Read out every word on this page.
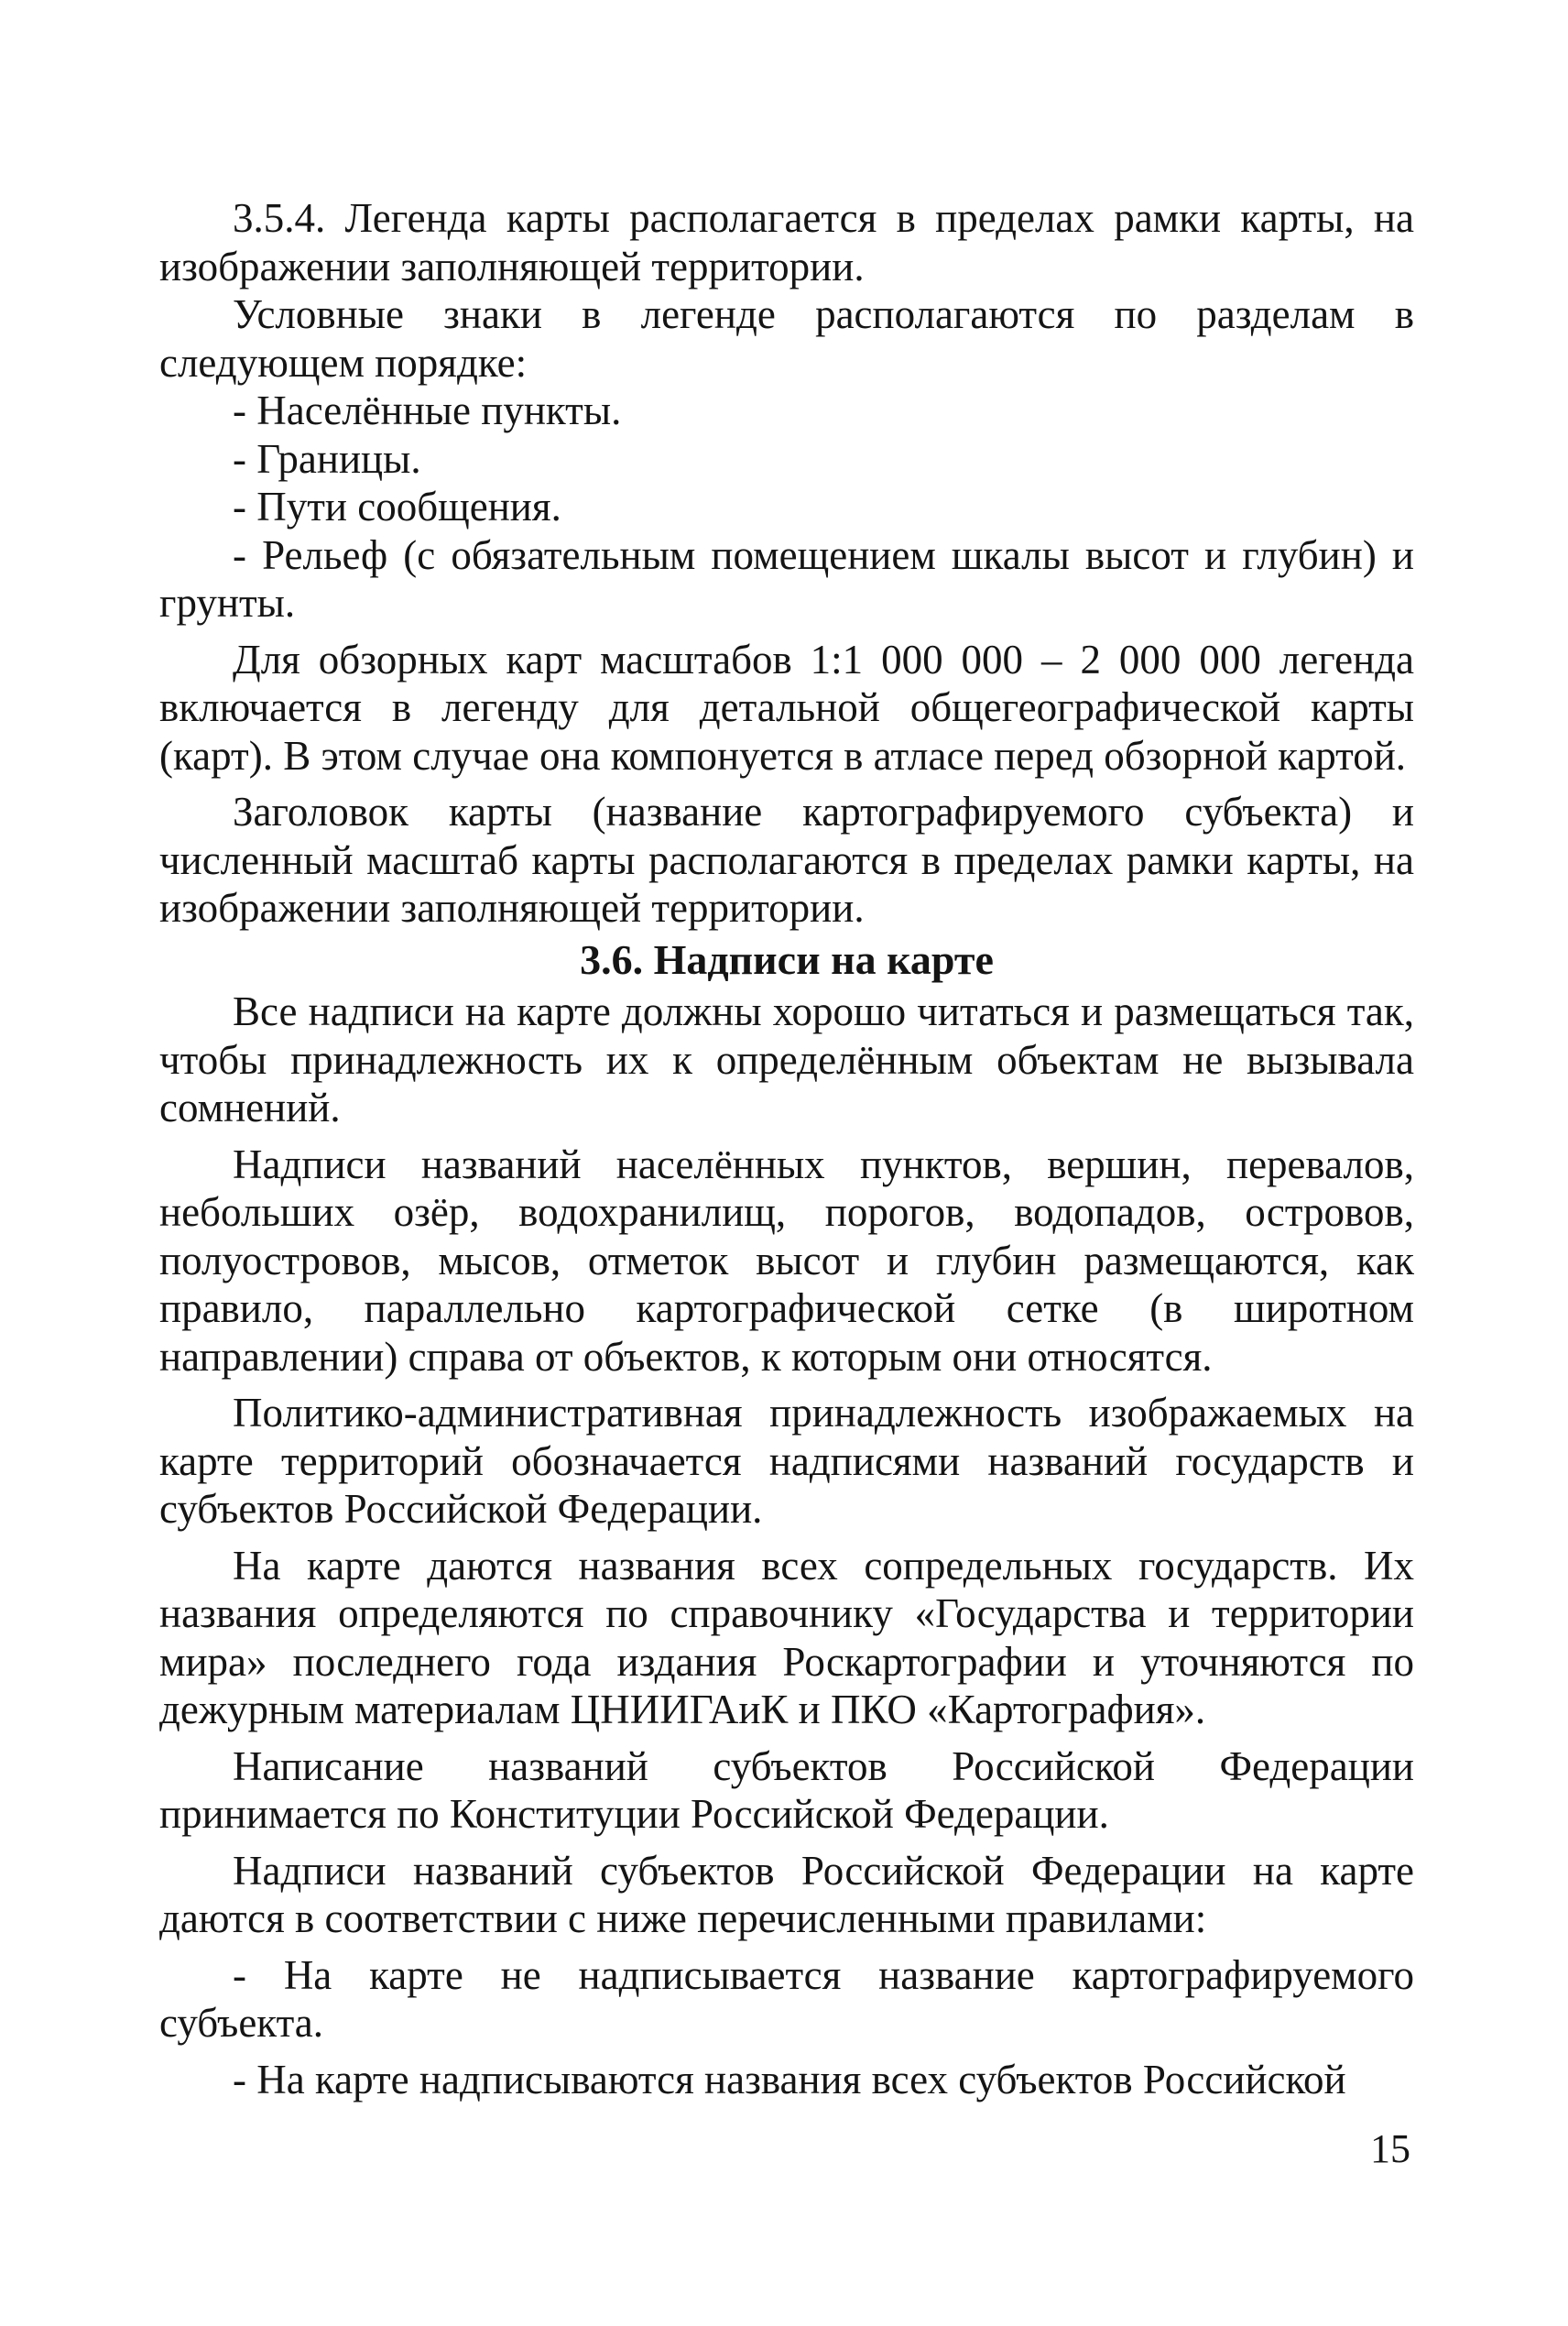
3.5.4. Легенда карты располагается в пределах рамки карты, на изображении заполняющей территории.

Условные знаки в легенде располагаются по разделам в следующем порядке:

- Населённые пункты.

- Границы.

- Пути сообщения.

- Рельеф (с обязательным помещением шкалы высот и глубин) и грунты.

Для обзорных карт масштабов 1:1 000 000 – 2 000 000 легенда включается в легенду для детальной общегеографической карты (карт). В этом случае она компонуется в атласе перед обзорной картой.

Заголовок карты (название картографируемого субъекта) и численный масштаб карты располагаются в пределах рамки карты, на изображении заполняющей территории.

3.6. Надписи на карте

Все надписи на карте должны хорошо читаться и размещаться так, чтобы принадлежность их к определённым объектам не вызывала сомнений.

Надписи названий населённых пунктов, вершин, перевалов, небольших озёр, водохранилищ, порогов, водопадов, островов, полуостровов, мысов, отметок высот и глубин размещаются, как правило, параллельно картографической сетке (в широтном направлении) справа от объектов, к которым они относятся.

Политико-административная принадлежность изображаемых на карте территорий обозначается надписями названий государств и субъектов Российской Федерации.

На карте даются названия всех сопредельных государств. Их названия определяются по справочнику «Государства и территории мира» последнего года издания Роскартографии и уточняются по дежурным материалам ЦНИИГАиК и ПКО «Картография».

Написание названий субъектов Российской Федерации принимается по Конституции Российской Федерации.

Надписи названий субъектов Российской Федерации на карте даются в соответствии с ниже перечисленными правилами:

- На карте не надписывается название картографируемого субъекта.

- На карте надписываются названия всех субъектов Российской

15
